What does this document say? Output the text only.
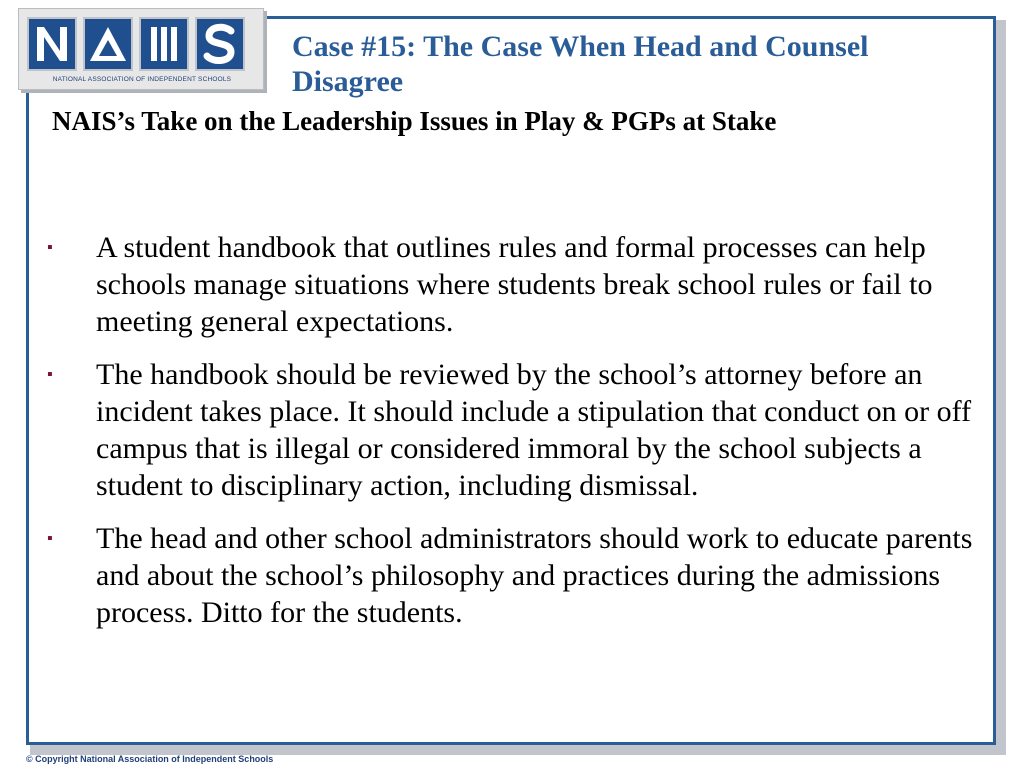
NATIONAL ASSOCIATION OF INDEPENDENT SCHOOLS
Case #15: The Case When Head and Counsel Disagree
NAIS’s Take on the Leadership Issues in Play & PGPs at Stake
▪	A student handbook that outlines rules and formal processes can help schools manage situations where students break school rules or fail to meeting general expectations.
▪	The handbook should be reviewed by the school’s attorney before an incident takes place. It should include a stipulation that conduct on or off campus that is illegal or considered immoral by the school subjects a student to disciplinary action, including dismissal.
▪	The head and other school administrators should work to educate parents and about the school’s philosophy and practices during the admissions process. Ditto for the students.
© Copyright National Association of Independent Schools
